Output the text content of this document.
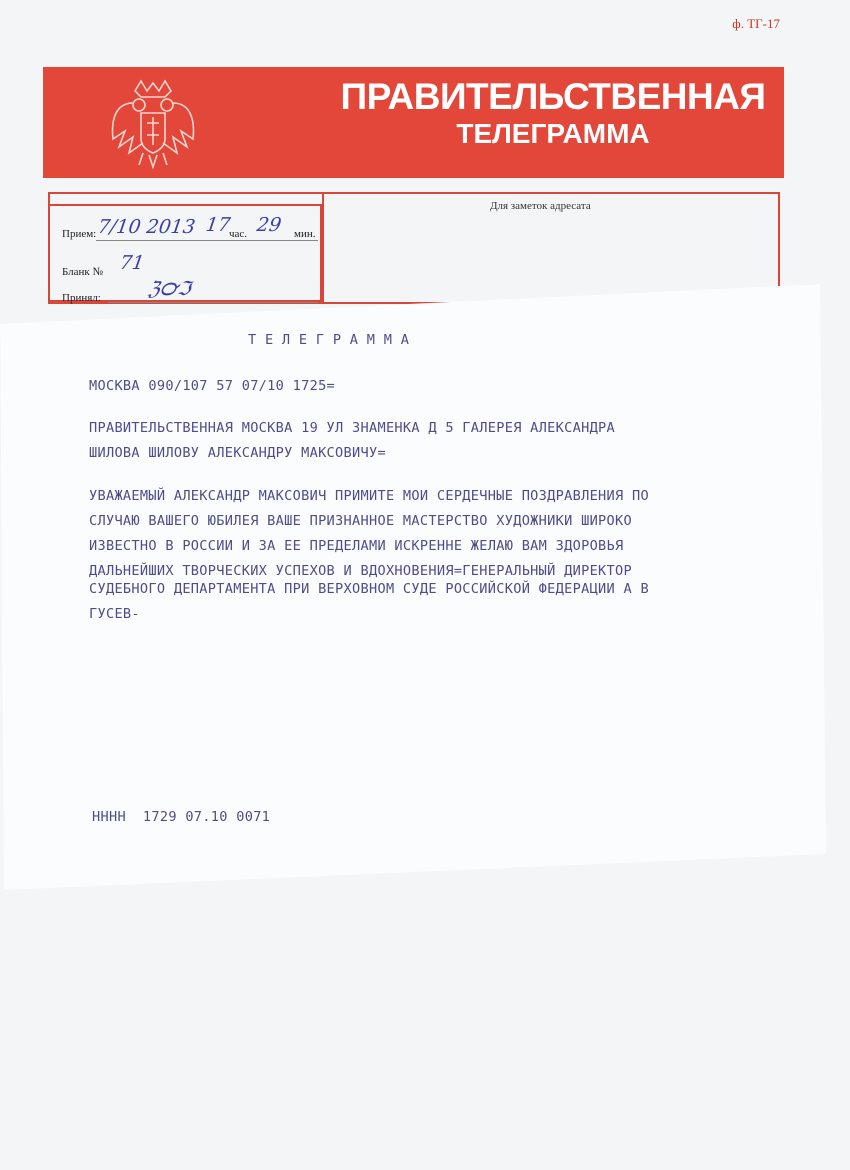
ф. ТГ-17
ПРАВИТЕЛЬСТВЕННАЯ
ТЕЛЕГРАММА
Для заметок адресата
Прием: 7/10 2013 17
час. 29 мин.
Бланк № 71
Принял: ℨ℺ℑ
Т Е Л Е Г Р А М М А
МОСКВА 090/107 57 07/10 1725=
ПРАВИТЕЛЬСТВЕННАЯ МОСКВА 19 УЛ ЗНАМЕНКА Д 5 ГАЛЕРЕЯ АЛЕКСАНДРА
ШИЛОВА ШИЛОВУ АЛЕКСАНДРУ МАКСОВИЧУ=
УВАЖАЕМЫЙ АЛЕКСАНДР МАКСОВИЧ ПРИМИТЕ МОИ СЕРДЕЧНЫЕ ПОЗДРАВЛЕНИЯ ПО
СЛУЧАЮ ВАШЕГО ЮБИЛЕЯ ВАШЕ ПРИЗНАННОЕ МАСТЕРСТВО ХУДОЖНИКИ ШИРОКО
ИЗВЕСТНО В РОССИИ И ЗА ЕЕ ПРЕДЕЛАМИ ИСКРЕННЕ ЖЕЛАЮ ВАМ ЗДОРОВЬЯ
ДАЛЬНЕЙШИХ ТВОРЧЕСКИХ УСПЕХОВ И ВДОХНОВЕНИЯ=ГЕНЕРАЛЬНЫЙ ДИРЕКТОР
СУДЕБНОГО ДЕПАРТАМЕНТА ПРИ ВЕРХОВНОМ СУДЕ РОССИЙСКОЙ ФЕДЕРАЦИИ А В
ГУСЕВ-
НННН  1729 07.10 0071
